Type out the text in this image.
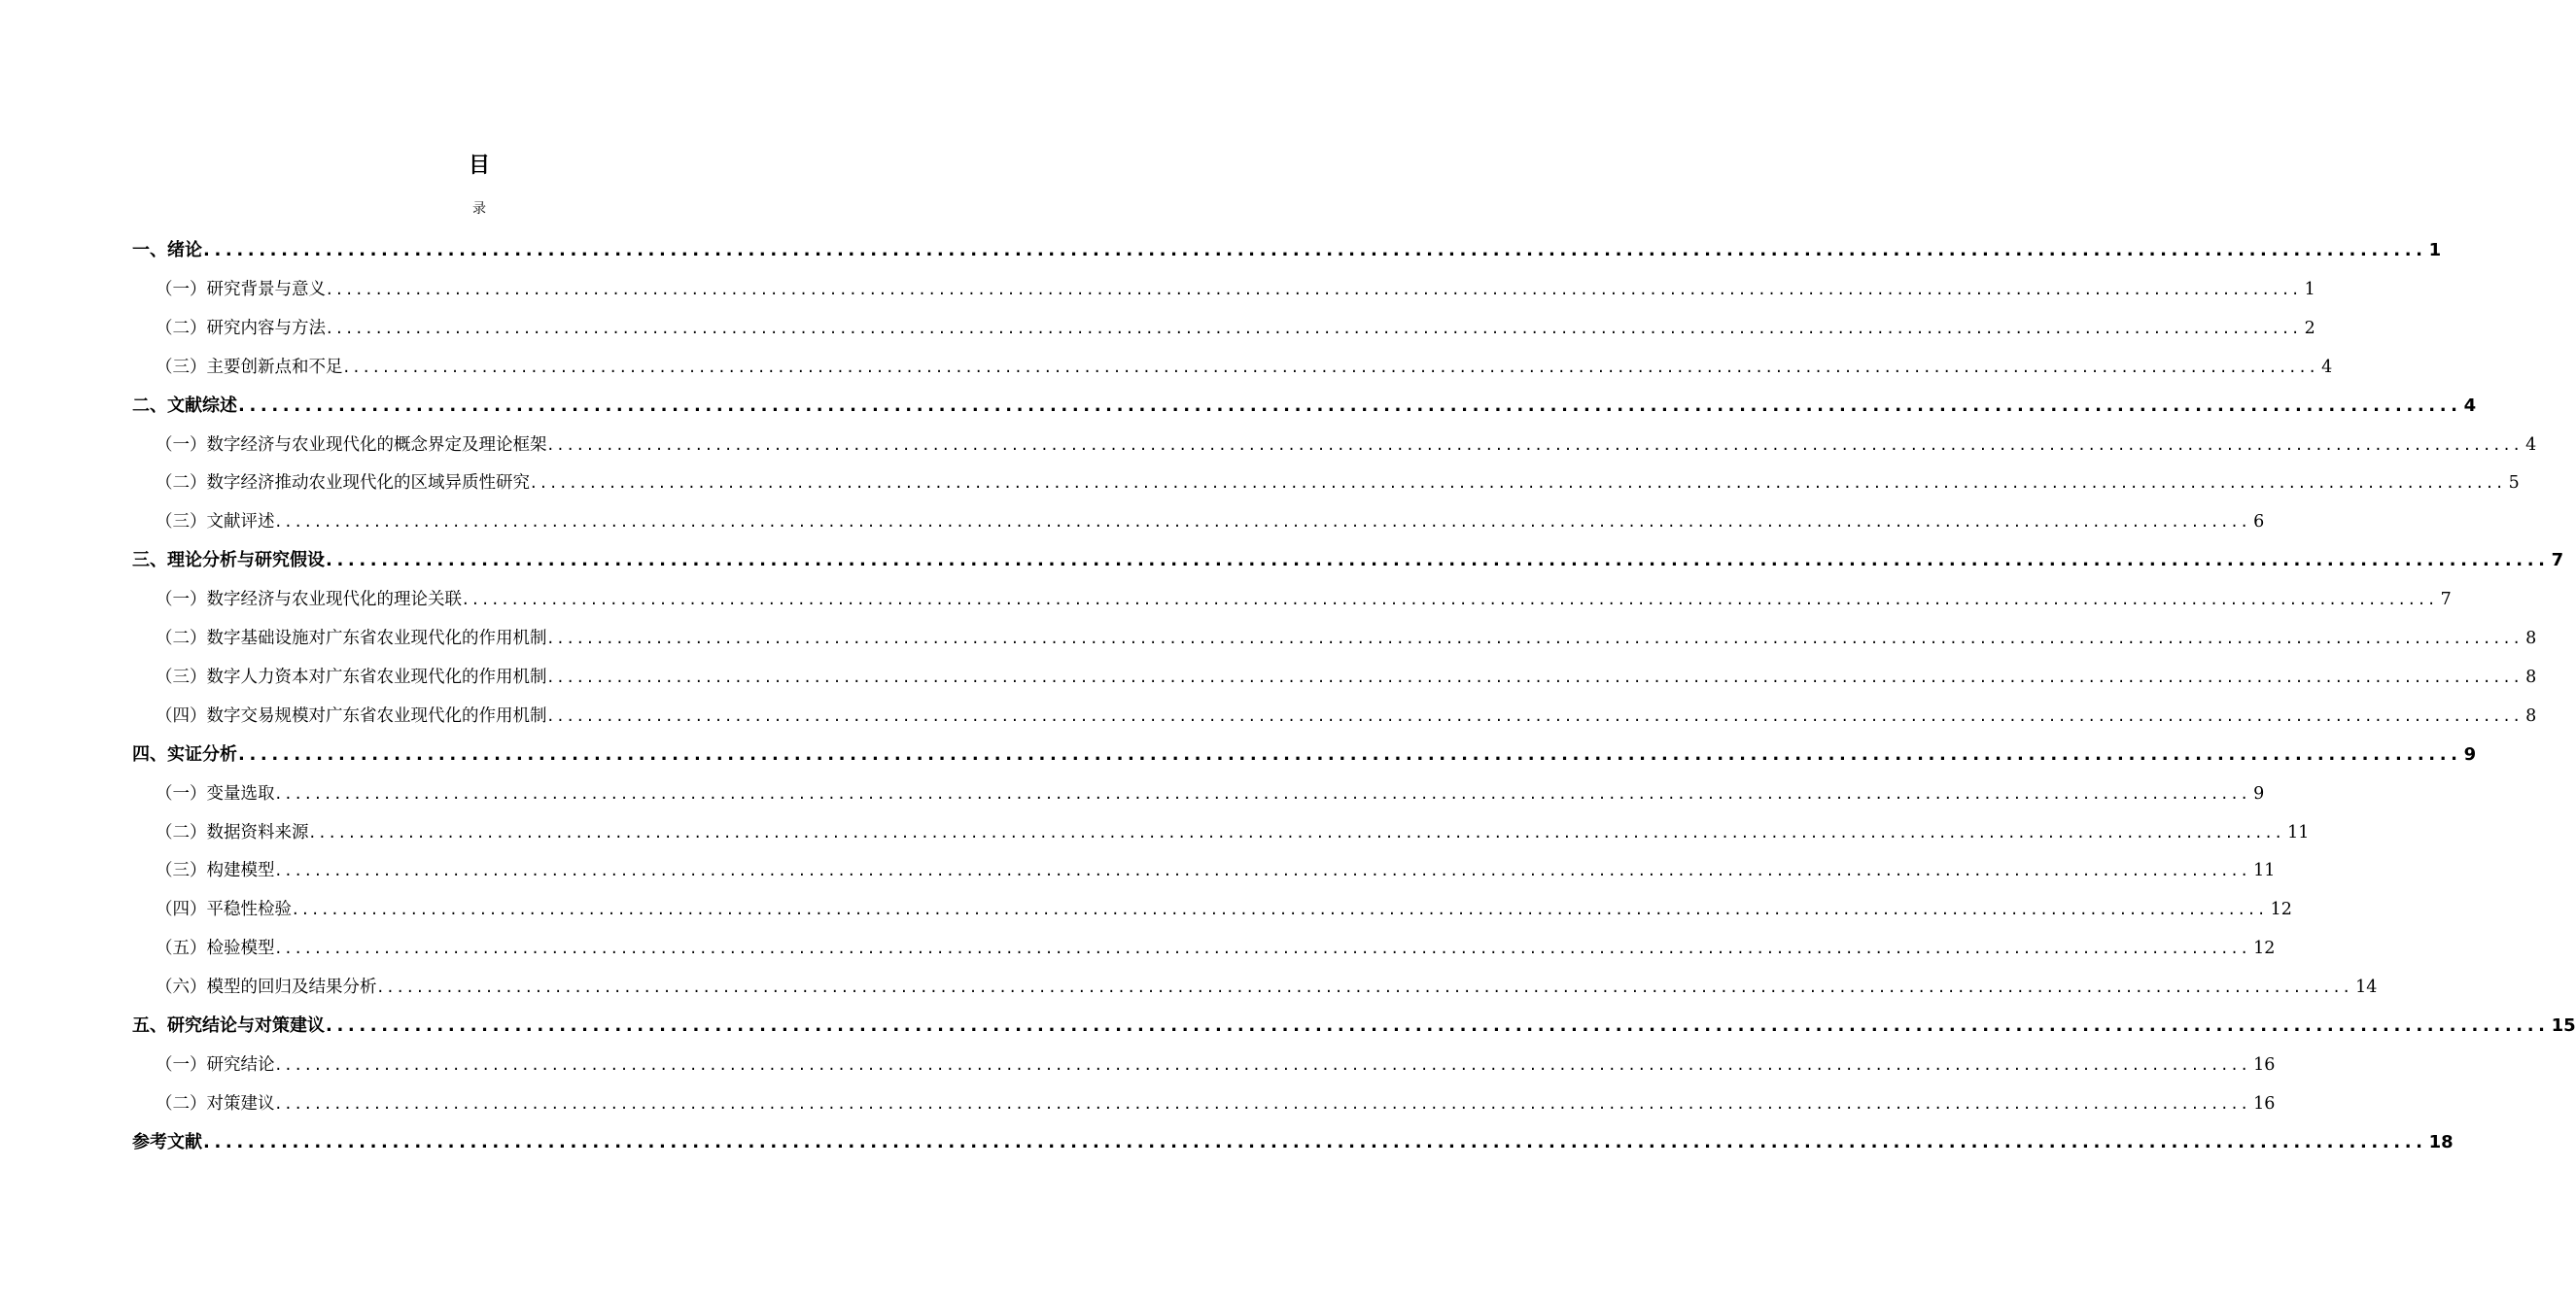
目
录
一、绪论 ........................................................................................................................................................................................................ 1
（一）研究背景与意义 ........................................................................................................................................................................................................ 1
（二）研究内容与方法 ........................................................................................................................................................................................................ 2
（三）主要创新点和不足 ........................................................................................................................................................................................................ 4
二、文献综述 ........................................................................................................................................................................................................ 4
（一）数字经济与农业现代化的概念界定及理论框架 ........................................................................................................................................................................................................ 4
（二）数字经济推动农业现代化的区域异质性研究 ........................................................................................................................................................................................................ 5
（三）文献评述 ........................................................................................................................................................................................................ 6
三、理论分析与研究假设 ........................................................................................................................................................................................................ 7
（一）数字经济与农业现代化的理论关联 ........................................................................................................................................................................................................ 7
（二）数字基础设施对广东省农业现代化的作用机制 ........................................................................................................................................................................................................ 8
（三）数字人力资本对广东省农业现代化的作用机制 ........................................................................................................................................................................................................ 8
（四）数字交易规模对广东省农业现代化的作用机制 ........................................................................................................................................................................................................ 8
四、实证分析 ........................................................................................................................................................................................................ 9
（一）变量选取 ........................................................................................................................................................................................................ 9
（二）数据资料来源 ........................................................................................................................................................................................................ 11
（三）构建模型 ........................................................................................................................................................................................................ 11
（四）平稳性检验 ........................................................................................................................................................................................................ 12
（五）检验模型 ........................................................................................................................................................................................................ 12
（六）模型的回归及结果分析 ........................................................................................................................................................................................................ 14
五、研究结论与对策建议 ........................................................................................................................................................................................................ 15
（一）研究结论 ........................................................................................................................................................................................................ 16
（二）对策建议 ........................................................................................................................................................................................................ 16
参考文献 ........................................................................................................................................................................................................ 18
